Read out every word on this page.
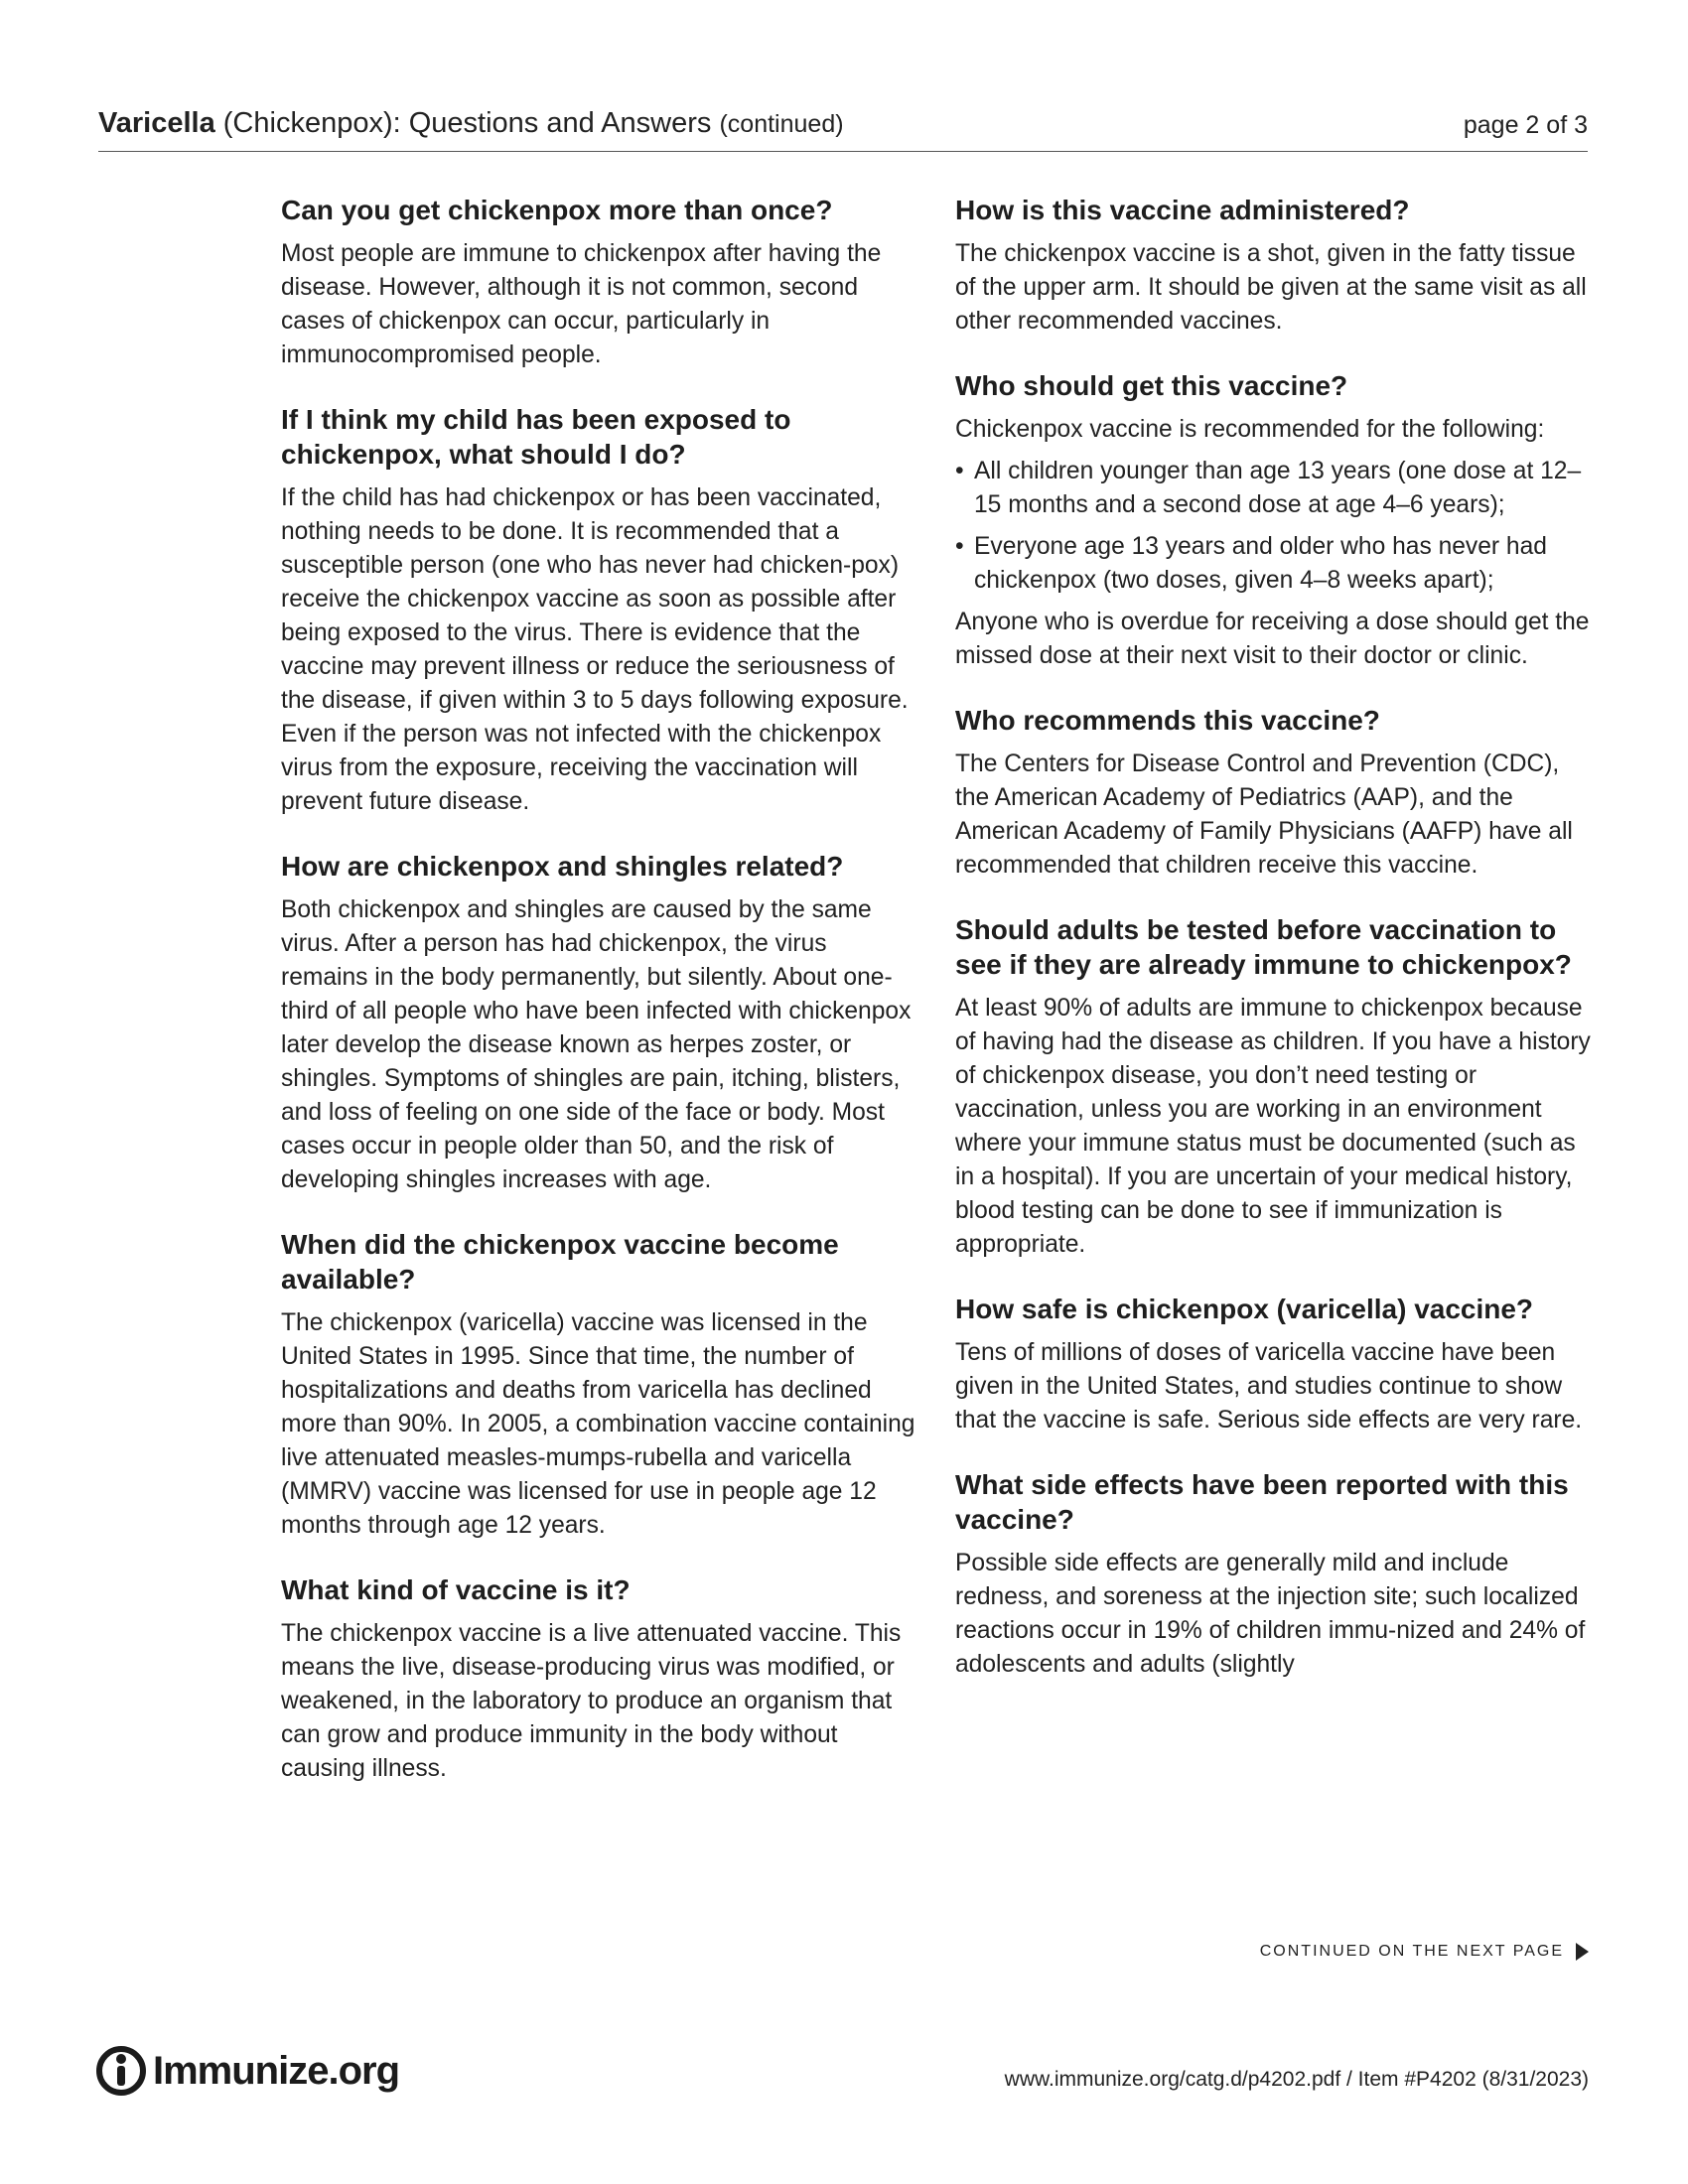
Varicella (Chickenpox): Questions and Answers (continued)	page 2 of 3

Can you get chickenpox more than once?

Most people are immune to chickenpox after having the disease. However, although it is not common, second cases of chickenpox can occur, particularly in immunocompromised people.

If I think my child has been exposed to chickenpox, what should I do?

If the child has had chickenpox or has been vaccinated, nothing needs to be done. It is recommended that a susceptible person (one who has never had chicken-pox) receive the chickenpox vaccine as soon as possible after being exposed to the virus. There is evidence that the vaccine may prevent illness or reduce the seriousness of the disease, if given within 3 to 5 days following exposure. Even if the person was not infected with the chickenpox virus from the exposure, receiving the vaccination will prevent future disease.

How are chickenpox and shingles related?

Both chickenpox and shingles are caused by the same virus. After a person has had chickenpox, the virus remains in the body permanently, but silently. About one-third of all people who have been infected with chickenpox later develop the disease known as herpes zoster, or shingles. Symptoms of shingles are pain, itching, blisters, and loss of feeling on one side of the face or body. Most cases occur in people older than 50, and the risk of developing shingles increases with age.

When did the chickenpox vaccine become available?

The chickenpox (varicella) vaccine was licensed in the United States in 1995. Since that time, the number of hospitalizations and deaths from varicella has declined more than 90%. In 2005, a combination vaccine containing live attenuated measles-mumps-rubella and varicella (MMRV) vaccine was licensed for use in people age 12 months through age 12 years.

What kind of vaccine is it?

The chickenpox vaccine is a live attenuated vaccine. This means the live, disease-producing virus was modified, or weakened, in the laboratory to produce an organism that can grow and produce immunity in the body without causing illness.

How is this vaccine administered?

The chickenpox vaccine is a shot, given in the fatty tissue of the upper arm. It should be given at the same visit as all other recommended vaccines.

Who should get this vaccine?

Chickenpox vaccine is recommended for the following:

• All children younger than age 13 years (one dose at 12–15 months and a second dose at age 4–6 years);
• Everyone age 13 years and older who has never had chickenpox (two doses, given 4–8 weeks apart);

Anyone who is overdue for receiving a dose should get the missed dose at their next visit to their doctor or clinic.

Who recommends this vaccine?

The Centers for Disease Control and Prevention (CDC), the American Academy of Pediatrics (AAP), and the American Academy of Family Physicians (AAFP) have all recommended that children receive this vaccine.

Should adults be tested before vaccination to see if they are already immune to chickenpox?

At least 90% of adults are immune to chickenpox because of having had the disease as children. If you have a history of chickenpox disease, you don’t need testing or vaccination, unless you are working in an environment where your immune status must be documented (such as in a hospital). If you are uncertain of your medical history, blood testing can be done to see if immunization is appropriate.

How safe is chickenpox (varicella) vaccine?

Tens of millions of doses of varicella vaccine have been given in the United States, and studies continue to show that the vaccine is safe. Serious side effects are very rare.

What side effects have been reported with this vaccine?

Possible side effects are generally mild and include redness, and soreness at the injection site; such localized reactions occur in 19% of children immu-nized and 24% of adolescents and adults (slightly

CONTINUED ON THE NEXT PAGE
Immunize.org	www.immunize.org/catg.d/p4202.pdf / Item #P4202 (8/31/2023)
